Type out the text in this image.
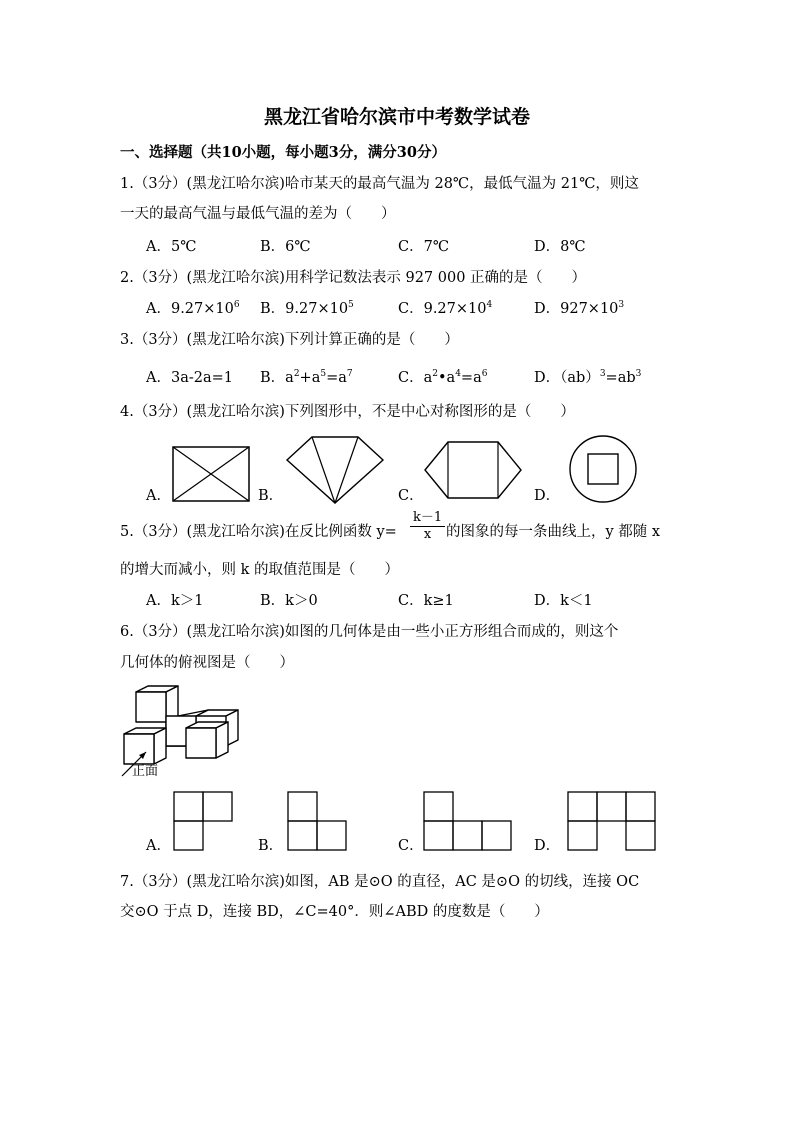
黑龙江省哈尔滨市中考数学试卷
一、选择题（共10小题，每小题3分，满分30分）
1.（3分）(黑龙江哈尔滨)哈市某天的最高气温为 28℃，最低气温为 21℃，则这
一天的最高气温与最低气温的差为（　　）
A．5℃	B．6℃	C．7℃	D．8℃
2.（3分）(黑龙江哈尔滨)用科学记数法表示 927 000 正确的是（　　）
A．$9.27\times 10^6$ B．$9.27\times 10^5$	C．$9.27\times 10^4$	D．$927\times 10^3$
3.（3分）(黑龙江哈尔滨)下列计算正确的是（　　）
A．3a-2a=1 B．$a^2+a^5=a^7$	C．$a^2•a^4=a^6$	D．$(ab)^3=ab^3$
4.（3分）(黑龙江哈尔滨)下列图形中，不是中心对称图形的是（　　）
A．	B．	C．	D．
5.（3分）(黑龙江哈尔滨)在反比例函数 $y= \frac{k-1}{x}$ 的图象的每一条曲线上，y 都随 x
的增大而减小，则 k 的取值范围是（　　）
A．k＞1	B．k＞0	C．k≥1	D．k＜1
6.（3分）(黑龙江哈尔滨)如图的几何体是由一些小正方形组合而成的，则这个
几何体的俯视图是（　　）
正面
A．	B．	C．	D．
7.（3分）(黑龙江哈尔滨)如图，AB 是⊙O 的直径，AC 是⊙O 的切线，连接 OC
交⊙O 于点 D，连接 BD，∠C=40°．则∠ABD 的度数是（　　）
